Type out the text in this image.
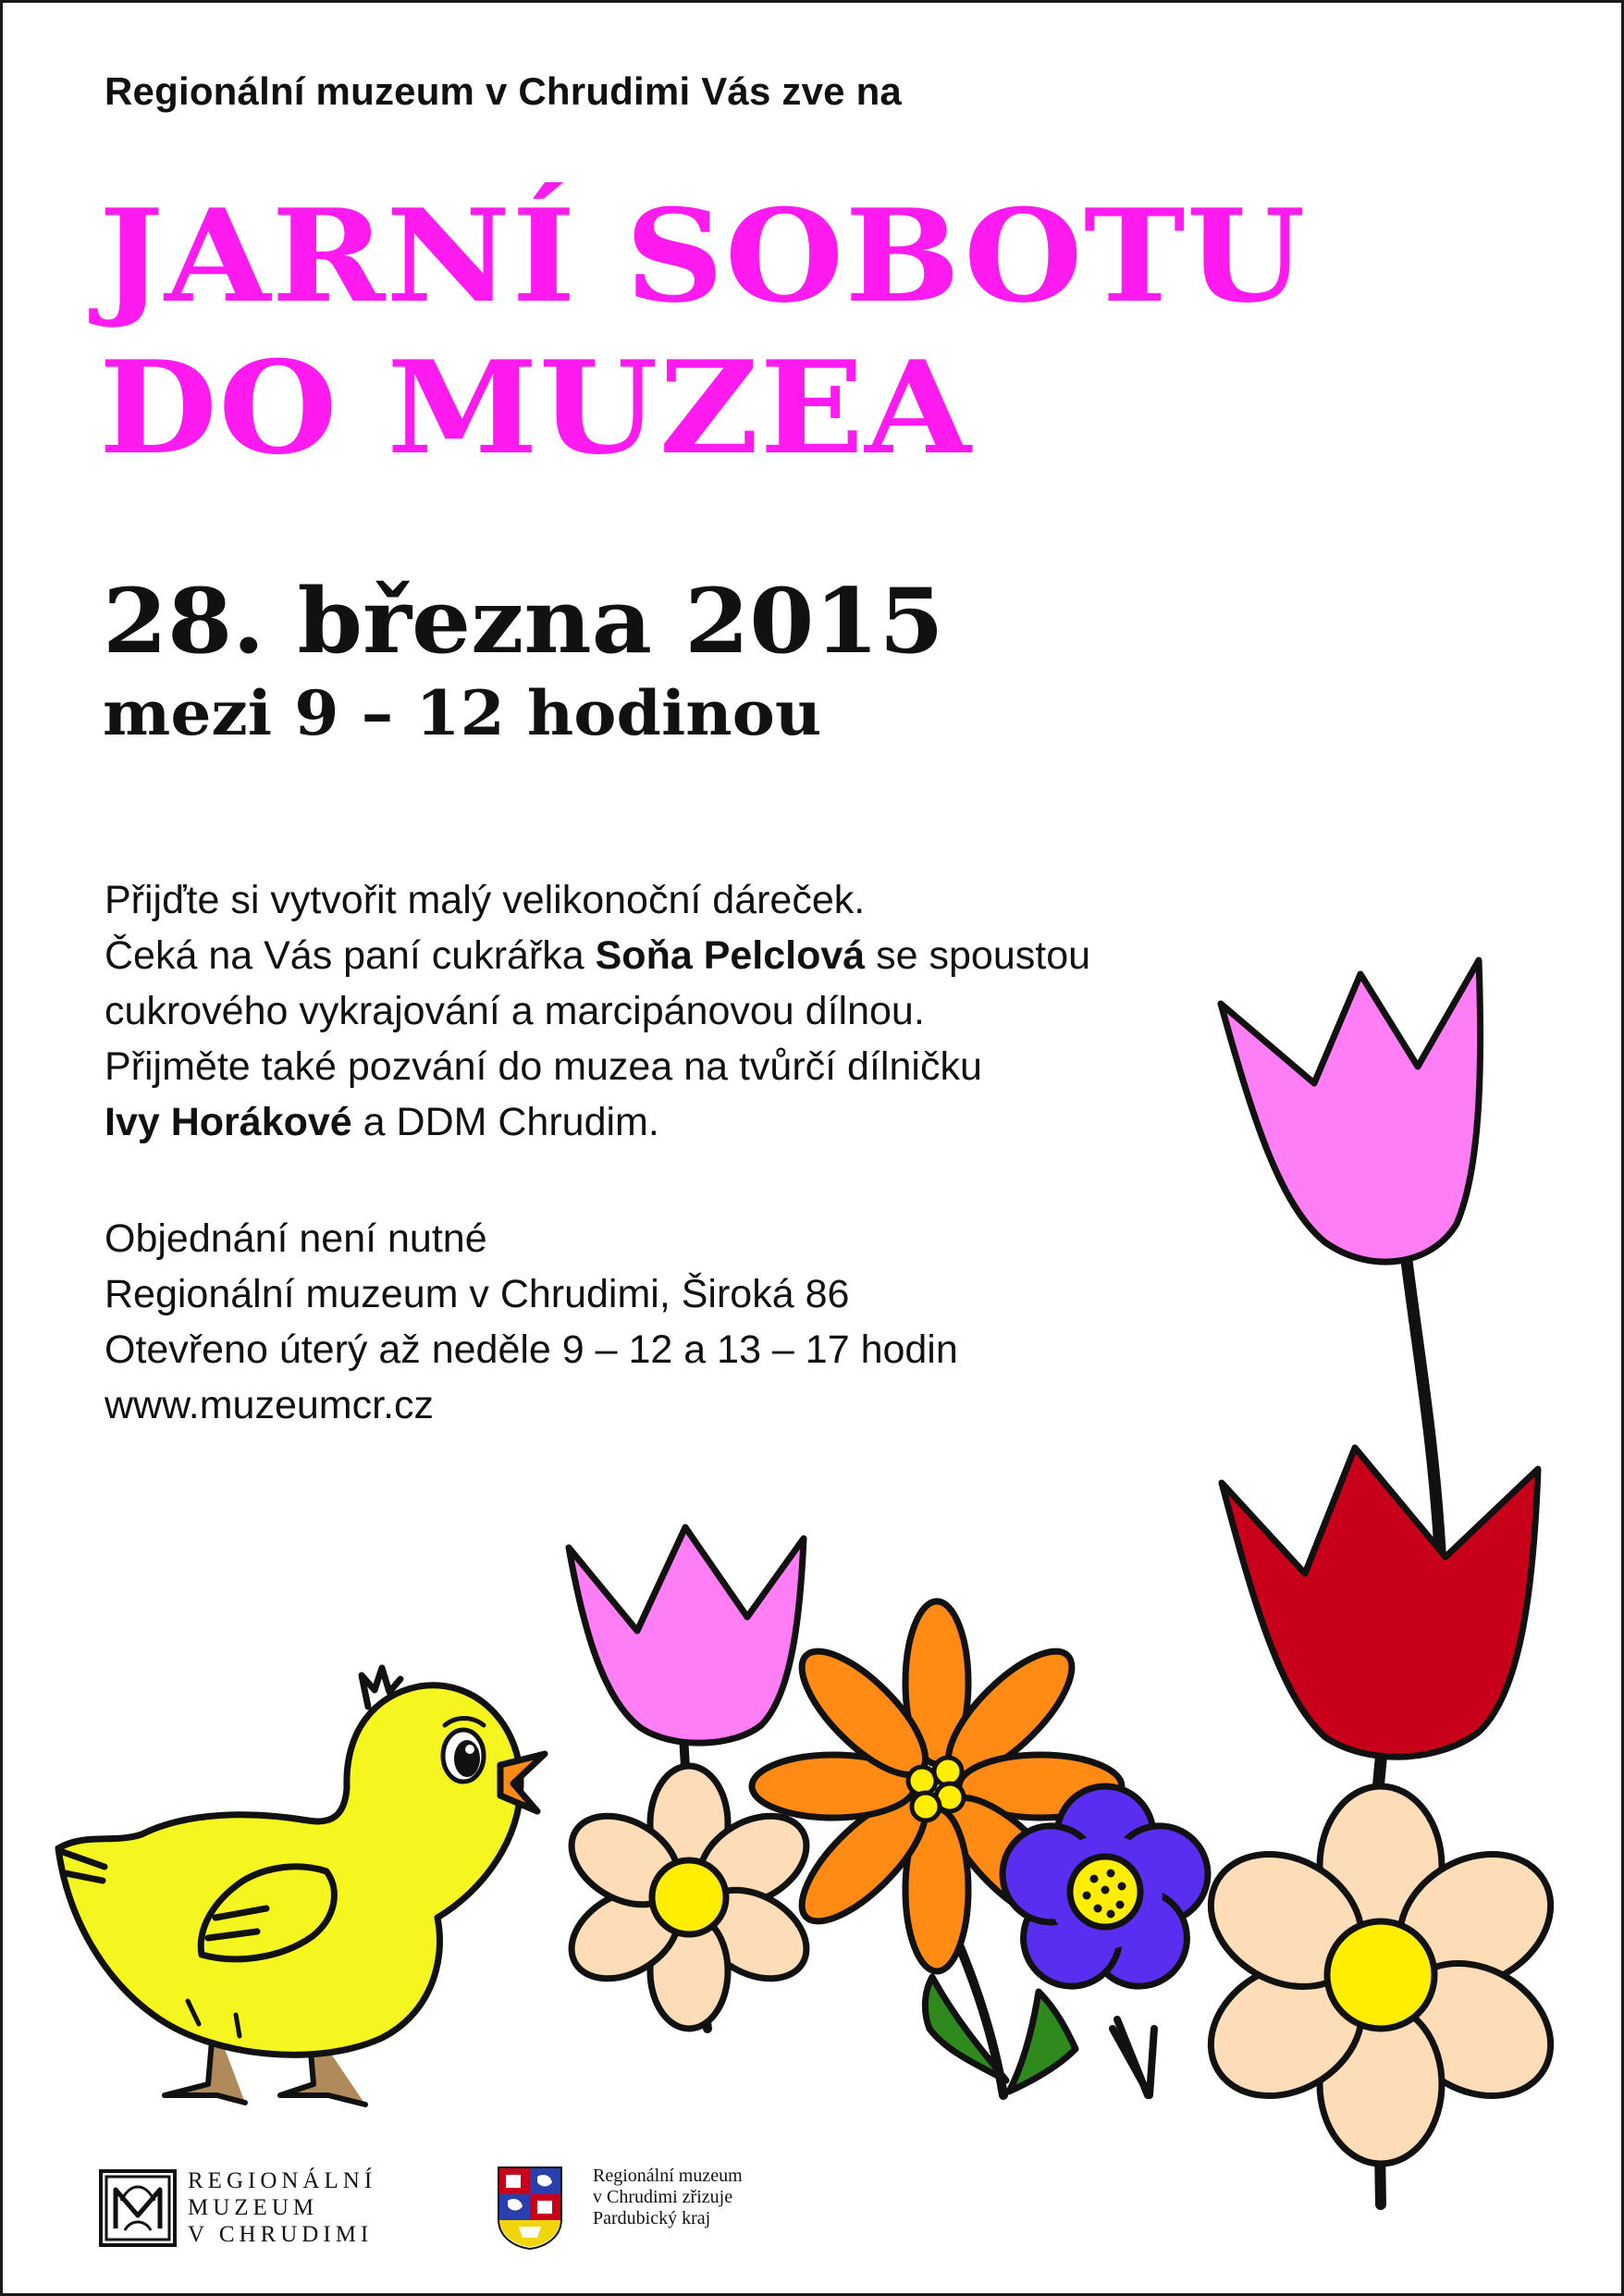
Regionální muzeum v Chrudimi Vás zve na
JARNÍ SOBOTU
DO MUZEA
28. března 2015
mezi 9 – 12 hodinou

Přijďte si vytvořit malý velikonoční dáreček.

Čeká na Vás paní cukrářka Soňa Pelclová se spoustou

cukrového vykrajování a marcipánovou dílnou.

Přijměte také pozvání do muzea na tvůrčí dílničku

Ivy Horákové a DDM Chrudim.

Objednání není nutné

Regionální muzeum v Chrudimi, Široká 86

Otevřeno úterý až neděle 9 – 12 a 13 – 17 hodin

www.muzeumcr.cz

REGIONÁLNÍ
MUZEUM
V CHRUDIMI
Regionální muzeum
v Chrudimi zřizuje
Pardubický kraj
